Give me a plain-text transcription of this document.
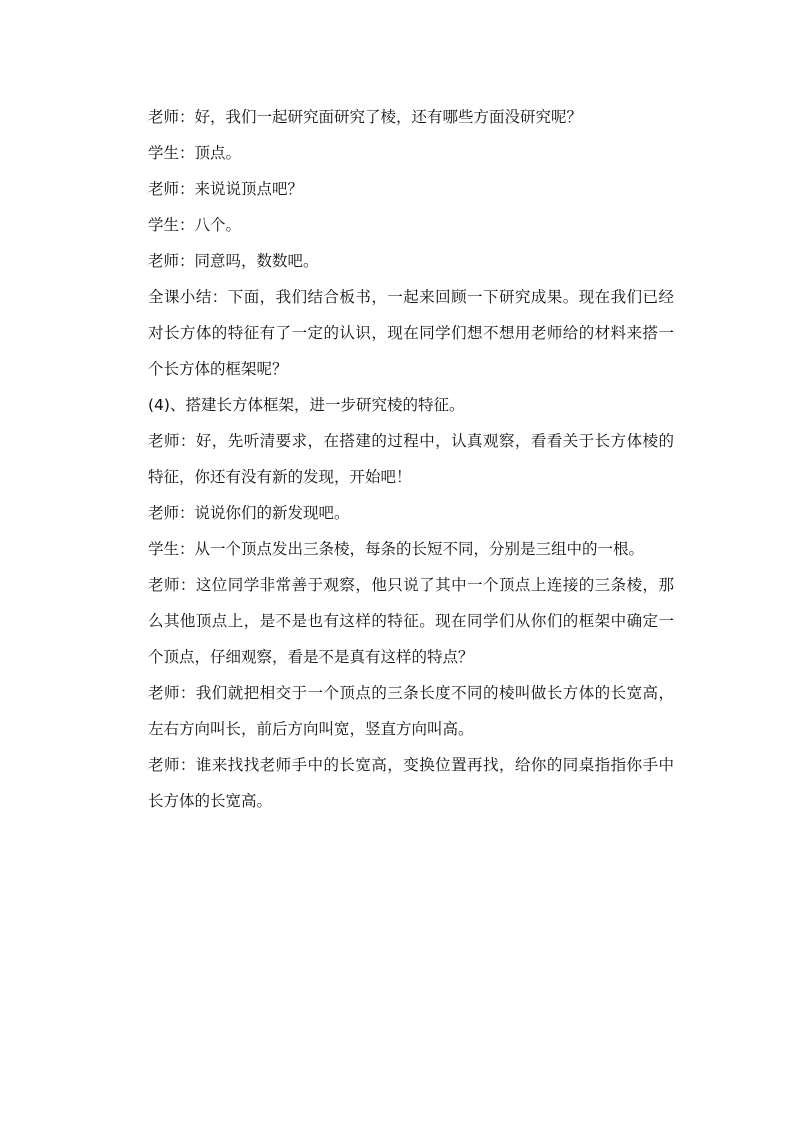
老师：好，我们一起研究面研究了棱，还有哪些方面没研究呢？

学生：顶点。

老师：来说说顶点吧？

学生：八个。

老师：同意吗，数数吧。

全课小结：下面，我们结合板书，一起来回顾一下研究成果。现在我们已经对长方体的特征有了一定的认识，现在同学们想不想用老师给的材料来搭一个长方体的框架呢？

(4)、搭建长方体框架，进一步研究棱的特征。

老师：好，先听清要求，在搭建的过程中，认真观察，看看关于长方体棱的特征，你还有没有新的发现，开始吧！

老师：说说你们的新发现吧。

学生：从一个顶点发出三条棱，每条的长短不同，分别是三组中的一根。

老师：这位同学非常善于观察，他只说了其中一个顶点上连接的三条棱，那么其他顶点上，是不是也有这样的特征。现在同学们从你们的框架中确定一个顶点，仔细观察，看是不是真有这样的特点？

老师：我们就把相交于一个顶点的三条长度不同的棱叫做长方体的长宽高，左右方向叫长，前后方向叫宽，竖直方向叫高。

老师：谁来找找老师手中的长宽高，变换位置再找，给你的同桌指指你手中长方体的长宽高。
